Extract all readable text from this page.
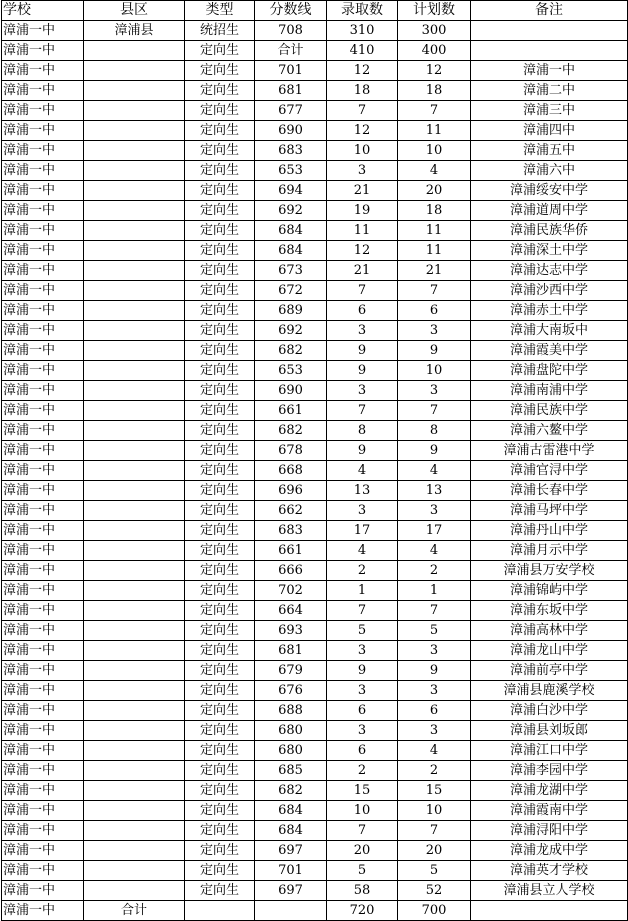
学校	县区	类型	分数线	录取数	计划数	备注
漳浦一中	漳浦县	统招生	708	310	300	
漳浦一中		定向生	合计	410	400	
漳浦一中		定向生	701	12	12	漳浦一中
漳浦一中		定向生	681	18	18	漳浦二中
漳浦一中		定向生	677	7	7	漳浦三中
漳浦一中		定向生	690	12	11	漳浦四中
漳浦一中		定向生	683	10	10	漳浦五中
漳浦一中		定向生	653	3	4	漳浦六中
漳浦一中		定向生	694	21	20	漳浦绥安中学
漳浦一中		定向生	692	19	18	漳浦道周中学
漳浦一中		定向生	684	11	11	漳浦民族华侨
漳浦一中		定向生	684	12	11	漳浦深土中学
漳浦一中		定向生	673	21	21	漳浦达志中学
漳浦一中		定向生	672	7	7	漳浦沙西中学
漳浦一中		定向生	689	6	6	漳浦赤土中学
漳浦一中		定向生	692	3	3	漳浦大南坂中
漳浦一中		定向生	682	9	9	漳浦霞美中学
漳浦一中		定向生	653	9	10	漳浦盘陀中学
漳浦一中		定向生	690	3	3	漳浦南浦中学
漳浦一中		定向生	661	7	7	漳浦民族中学
漳浦一中		定向生	682	8	8	漳浦六鳌中学
漳浦一中		定向生	678	9	9	漳浦古雷港中学
漳浦一中		定向生	668	4	4	漳浦官浔中学
漳浦一中		定向生	696	13	13	漳浦长春中学
漳浦一中		定向生	662	3	3	漳浦马坪中学
漳浦一中		定向生	683	17	17	漳浦丹山中学
漳浦一中		定向生	661	4	4	漳浦月示中学
漳浦一中		定向生	666	2	2	漳浦县万安学校
漳浦一中		定向生	702	1	1	漳浦锦屿中学
漳浦一中		定向生	664	7	7	漳浦东坂中学
漳浦一中		定向生	693	5	5	漳浦高林中学
漳浦一中		定向生	681	3	3	漳浦龙山中学
漳浦一中		定向生	679	9	9	漳浦前亭中学
漳浦一中		定向生	676	3	3	漳浦县鹿溪学校
漳浦一中		定向生	688	6	6	漳浦白沙中学
漳浦一中		定向生	680	3	3	漳浦县刘坂郎
漳浦一中		定向生	680	6	4	漳浦江口中学
漳浦一中		定向生	685	2	2	漳浦李园中学
漳浦一中		定向生	682	15	15	漳浦龙湖中学
漳浦一中		定向生	684	10	10	漳浦霞南中学
漳浦一中		定向生	684	7	7	漳浦浔阳中学
漳浦一中		定向生	697	20	20	漳浦龙成中学
漳浦一中		定向生	701	5	5	漳浦英才学校
漳浦一中		定向生	697	58	52	漳浦县立人学校
漳浦一中	合计			720	700	
